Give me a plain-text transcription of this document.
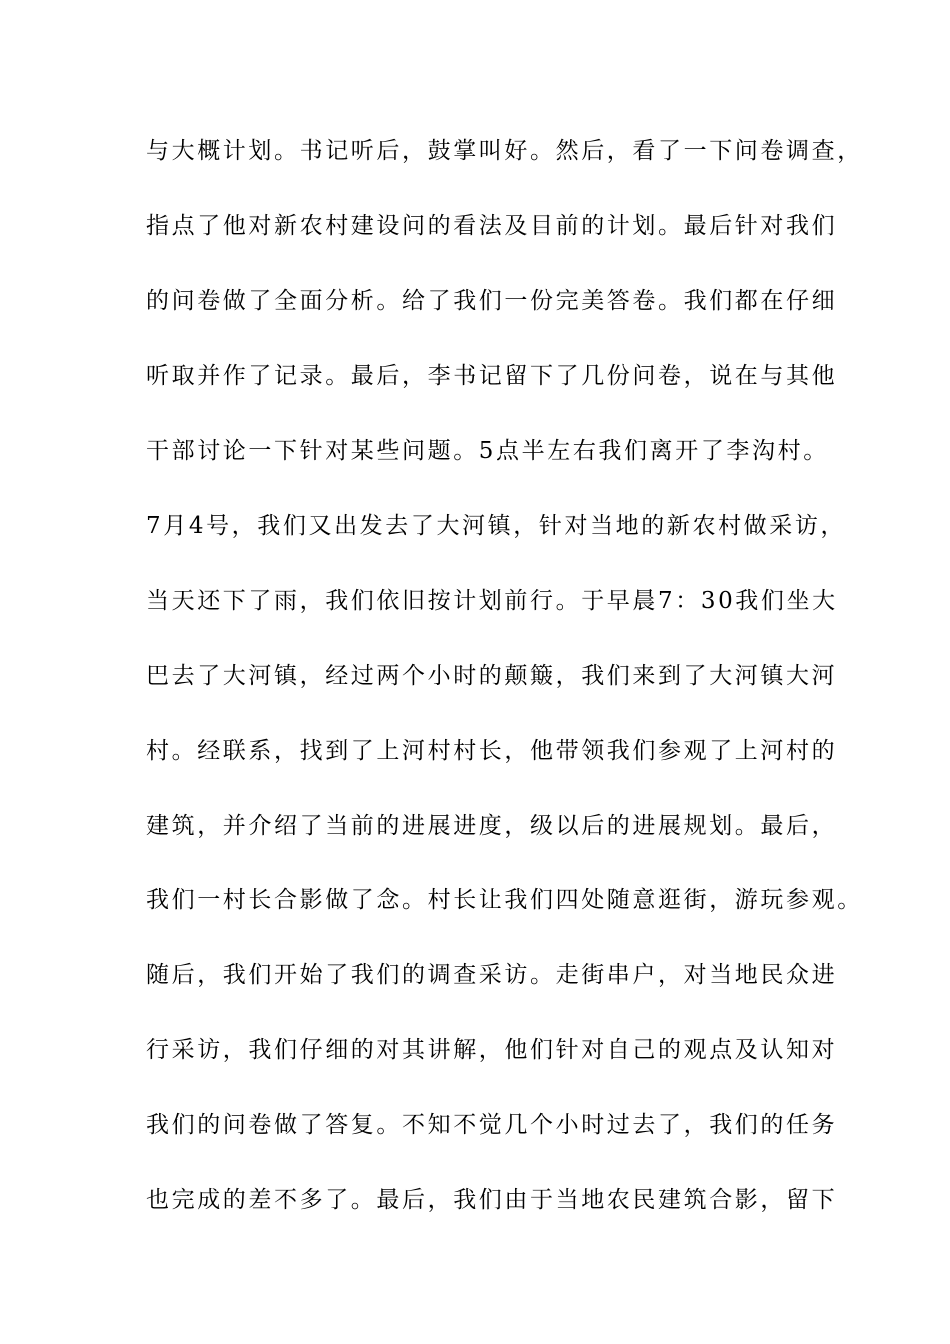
与大概计划。书记听后，鼓掌叫好。然后，看了一下问卷调查，

指点了他对新农村建设问的看法及目前的计划。最后针对我们

的问卷做了全面分析。给了我们一份完美答卷。我们都在仔细

听取并作了记录。最后，李书记留下了几份问卷，说在与其他

干部讨论一下针对某些问题。5点半左右我们离开了李沟村。

7月4号，我们又出发去了大河镇，针对当地的新农村做采访，

当天还下了雨，我们依旧按计划前行。于早晨7：30我们坐大

巴去了大河镇，经过两个小时的颠簸，我们来到了大河镇大河

村。经联系，找到了上河村村长，他带领我们参观了上河村的

建筑，并介绍了当前的进展进度，级以后的进展规划。最后，

我们一村长合影做了念。村长让我们四处随意逛街，游玩参观。

随后，我们开始了我们的调查采访。走街串户，对当地民众进

行采访，我们仔细的对其讲解，他们针对自己的观点及认知对

我们的问卷做了答复。不知不觉几个小时过去了，我们的任务

也完成的差不多了。最后，我们由于当地农民建筑合影，留下
